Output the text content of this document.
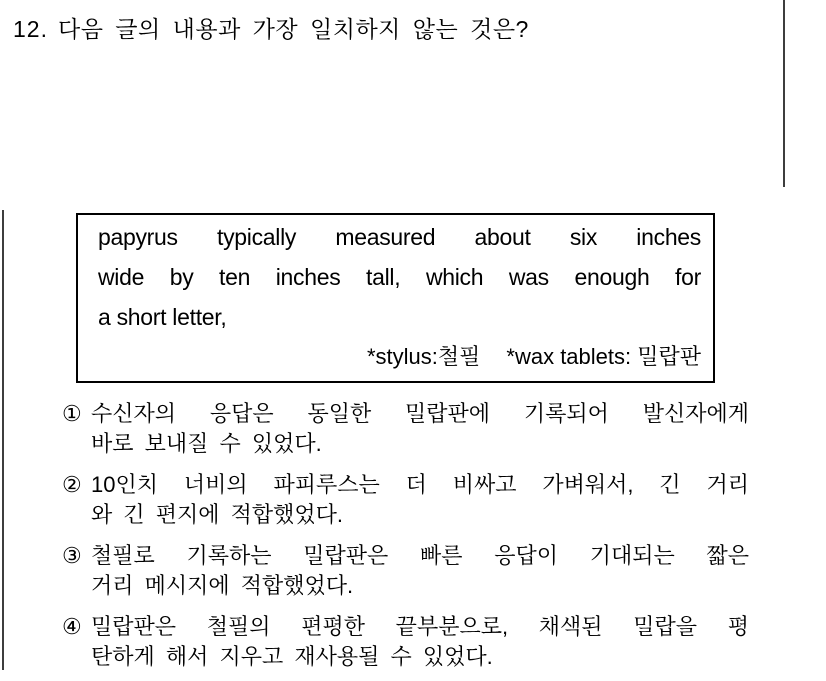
12. 다음 글의 내용과 가장 일치하지 않는 것은?
papyrus typically measured about six inches
wide by ten inches tall, which was enough for
a short letter,
*stylus:철필 *wax tablets: 밀랍판
① 수신자의 응답은 동일한 밀랍판에 기록되어 발신자에게
바로 보내질 수 있었다.
② 10인치 너비의 파피루스는 더 비싸고 가벼워서, 긴 거리
와 긴 편지에 적합했었다.
③ 철필로 기록하는 밀랍판은 빠른 응답이 기대되는 짧은
거리 메시지에 적합했었다.
④ 밀랍판은 철필의 편평한 끝부분으로, 채색된 밀랍을 평
탄하게 해서 지우고 재사용될 수 있었다.
